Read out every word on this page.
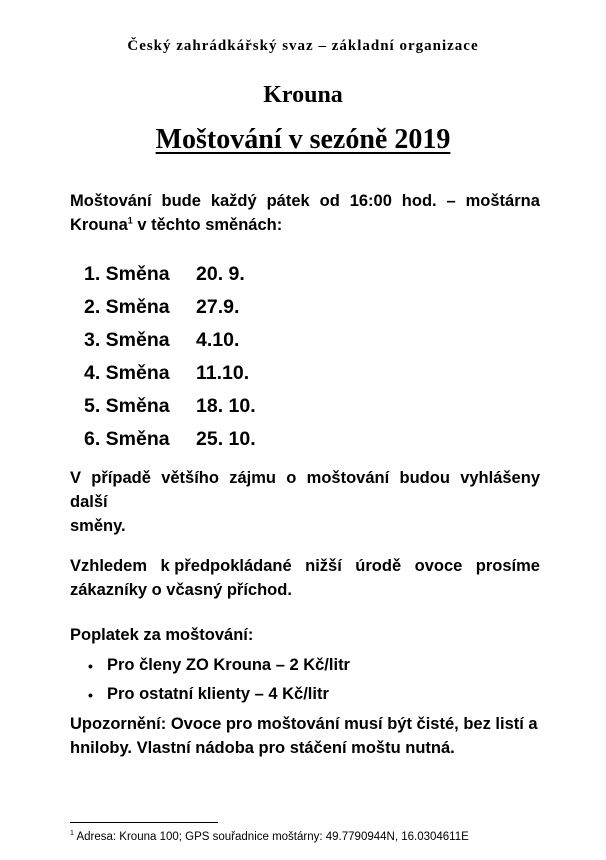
Český zahrádkářský svaz – základní organizace
Krouna
Moštování v sezóně 2019
Moštování bude každý pátek od 16:00 hod. – moštárna
Krouna$^1$ v těchto směnách:
1. Směna	20. 9.
2. Směna	27.9.
3. Směna	4.10.
4. Směna	11.10.
5. Směna	18. 10.
6. Směna	25. 10.
V případě většího zájmu o moštování budou vyhlášeny další
směny.
Vzhledem k předpokládané nižší úrodě ovoce prosíme
zákazníky o včasný příchod.
Poplatek za moštování:
• Pro členy ZO Krouna – 2 Kč/litr
• Pro ostatní klienty – 4 Kč/litr
Upozornění: Ovoce pro moštování musí být čisté, bez listí a
hniloby. Vlastní nádoba pro stáčení moštu nutná.
$^1$ Adresa: Krouna 100; GPS souřadnice moštárny: 49.7790944N, 16.0304611E
